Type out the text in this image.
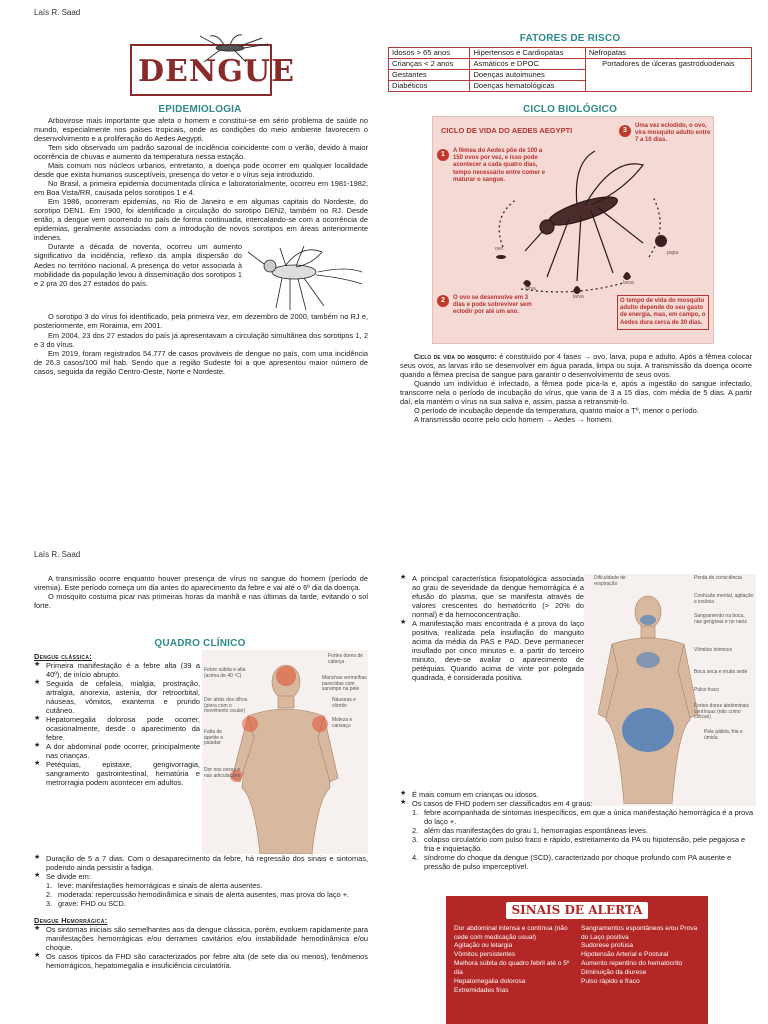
Laís R. Saad
DENGUE
EPIDEMIOLOGIA

Arbovirose mais importante que afeta o homem e constitui-se em sério problema de saúde no mundo, especialmente nos países tropicais, onde as condições do meio ambiente favorecem o desenvolvimento e a proliferação do Aedes Aegypti.

Tem sido observado um padrão sazonal de incidência coincidente com o verão, devido à maior ocorrência de chuvas e aumento da temperatura nessa estação.

Mais comum nos núcleos urbanos, entretanto, a doença pode ocorrer em qualquer localidade desde que exista humanos susceptíveis, presença do vetor e o vírus seja introduzido.

No Brasil, a primeira epidemia documentada clínica e laboratorialmente, ocorreu em 1981-1982, em Boa Vista/RR, causada pelos sorotipos 1 e 4.

Em 1986, ocorreram epidemias, no Rio de Janeiro e em algumas capitais do Nordeste, do sorotipo DEN1. Em 1900, foi identificado a circulação do sorotipo DEN2, também no RJ. Desde então, a dengue vem ocorrendo no país de forma continuada, intercalando-se com a ocorrência de epidemias, geralmente associadas com a introdução de novos sorotipos em áreas anteriormente indenes.

Durante a década de noventa, ocorreu um aumento significativo da incidência, reflexo da ampla dispersão do Aedes no território nacional. A presença do vetor associada à mobilidade da população levou à disseminação dos sorotipos 1 e 2 pra 20 dos 27 estados do país.

O sorotipo 3 do vírus foi identificado, pela primeira vez, em dezembro de 2000, também no RJ e, posteriormente, em Roraima, em 2001.

Em 2004, 23 dos 27 estados do país já apresentavam a circulação simultânea dos sorotipos 1, 2 e 3 do vírus.

Em 2019, foram registrados 54.777 de casos prováveis de dengue no país, com uma incidência de 26,3 casos/100 mil hab. Sendo que a região Sudeste foi a que apresentou maior número de casos, seguida da região Centro-Oeste, Norte e Nordeste.

FATORES DE RISCO
Idosos > 65 anos	Hipertensos e Cardiopatas	Nefropatas
Crianças < 2 anos	Asmáticos e DPOC	Portadores de úlceras gastroduodenais
Gestantes	Doenças autoimunes	
Diabéticos	Doenças hematológicas	
CICLO BIOLÓGICO
CICLO DE VIDA DO AEDES AEGYPTI
1	A fêmea do Aedes põe de 100 a 150 ovos por vez, e isso pode acontecer a cada quatro dias, tempo necessário entre comer e maturar o sangue.
3
Uma vez eclodido, o ovo, vira mosquito adulto entre 7 a 10 dias.
2	O ovo se desenvolve em 3 dias e pode sobreviver sem eclodir por até um ano.
O tempo de vida do mosquito adulto depende do seu gasto de energia, mas, em campo, o Aedes dura cerca de 30 dias.
ovo
larva
larva
larva
pupa

Ciclo de vida do mosquito: é constituído por 4 fases → ovo, larva, pupa e adulto. Após a fêmea colocar seus ovos, as larvas irão se desenvolver em água parada, limpa ou suja. A transmissão da doença ocorre quando a fêmea precisa de sangue para garantir o desenvolvimento de seus ovos.

Quando um indivíduo é infectado, a fêmea pode pica-la e, após a ingestão do sangue infectado, transcorre nela o período de incubação do vírus, que varia de 3 a 15 dias, com média de 5 dias. A partir daí, ela mantém o vírus na sua saliva e, assim, passa a retransmiti-lo.

O período de incubação depende da temperatura, quanto maior a Tº, menor o período.

A transmissão ocorre pelo ciclo homem → Aedes → homem.

Laís R. Saad

A transmissão ocorre enquanto houver presença de vírus no sangue do homem (período de viremia). Este período começa um dia antes do aparecimento da febre e vai até o 6º dia da doença.

O mosquito costuma picar nas primeiras horas da manhã e nas últimas da tarde, evitando o sol forte.

QUADRO CLÍNICO
Dengue clássica:
★ Primeira manifestação é a febre alta (39 a 40º), de início abrupto.
★ Seguida de cefaleia, mialgia, prostração, artralgia, anorexia, astenia, dor retroorbital, náuseas, vômitos, exantema e prurido cutâneo.
★ Hepatomegalia dolorosa pode ocorrer, ocasionalmente, desde o aparecimento da febre.
★ A dor abdominal pode ocorrer, principalmente nas crianças.
★ Petéquias, epistaxe, gengivorragia, sangramento gastrointestinal, hematúria e metrorragia podem acontecer em adultos.
Febre súbita e alta (acima de 40 ºC)
Dor atrás dos olhos (piora com o movimento ocular)
Falta de apetite e paladar
Dor nos ossos e nas articulações
Fortes dores de cabeça
Manchas vermelhas parecidas com sarampo na pele
Náuseas e vômito
Moleza e cansaço
★ Duração de 5 a 7 dias. Com o desaparecimento da febre, há regressão dos sinais e sintomas, podendo ainda persistir a fadiga.
★ Se divide em:
1. leve: manifestações hemorrágicas e sinais de alerta ausentes.
2. moderada: repercussão hemodinâmica e sinais de alerta ausentes, mas prova do laço +.
3. grave: FHD ou SCD.
Dengue Hemorrágica:
★ Os sintomas iniciais são semelhantes aos da dengue clássica, porém, evoluem rapidamente para manifestações hemorrágicas e/ou derrames cavitários e/ou instabilidade hemodinâmica e/ou choque.
★ Os casos típicos da FHD são caracterizados por febre alta (de sete dia ou menos), fenômenos hemorrágicos, hepatomegalia e insuficiência circulatória.
★ A principal característica fisiopatológica associada ao grau de severidade da dengue hemorrágica é a efusão do plasma, que se manifesta através de valores crescentes do hematócrito (> 20% do normal) e da hemoconcentração.
★ A manifestação mais encontrada é a prova do laço positiva, realizada pela insuflação do manguito acima da média da PAS e PAD. Deve permanecer insuflado por cinco minutos e, a partir do terceiro minuto, deve-se avaliar o aparecimento de petéquias. Quando acima de vinte por polegada quadrada, é considerada positiva.
Dificuldade de respiração
Perda de consciência
Confusão mental, agitação e insônia
Sangramento na boca, nas gengivas e no nariz
Vômitos intensos
Boca seca e muita sede
Pulso fraco
Fortes dores abdominais contínuas (não como cólicas)
Pele pálida, fria e úmida
★ É mais comum em crianças ou idosos.
★ Os casos de FHD podem ser classificados em 4 graus:
1. febre acompanhada de sintomas inespecíficos, em que a única manifestação hemorrágica é a prova do laço +.
2. além das manifestações do grau 1, hemorragias espontâneas leves.
3. colapso circulatório com pulso fraco e rápido, estreitamento da PA ou hipotensão, pele pegajosa e fria e inquietação.
4. síndrome do choque da dengue (SCD), caracterizado por choque profundo com PA ausente e pressão de pulso imperceptível.
SINAIS DE ALERTA
Dor abdominal intensa e contínua (não cede com medicação usual)
Agitação ou letargia
Vômitos persistentes
Melhora súbita do quadro febril até o 5º dia
Hepatomegalia dolorosa
Extremidades frias
Sangramentos espontâneos e/ou Prova do Laço positiva
Sudorese profusa
Hipotensão Arterial e Postural
Aumento repentino do hematócrito
Diminuição da diurese
Pulso rápido e fraco
